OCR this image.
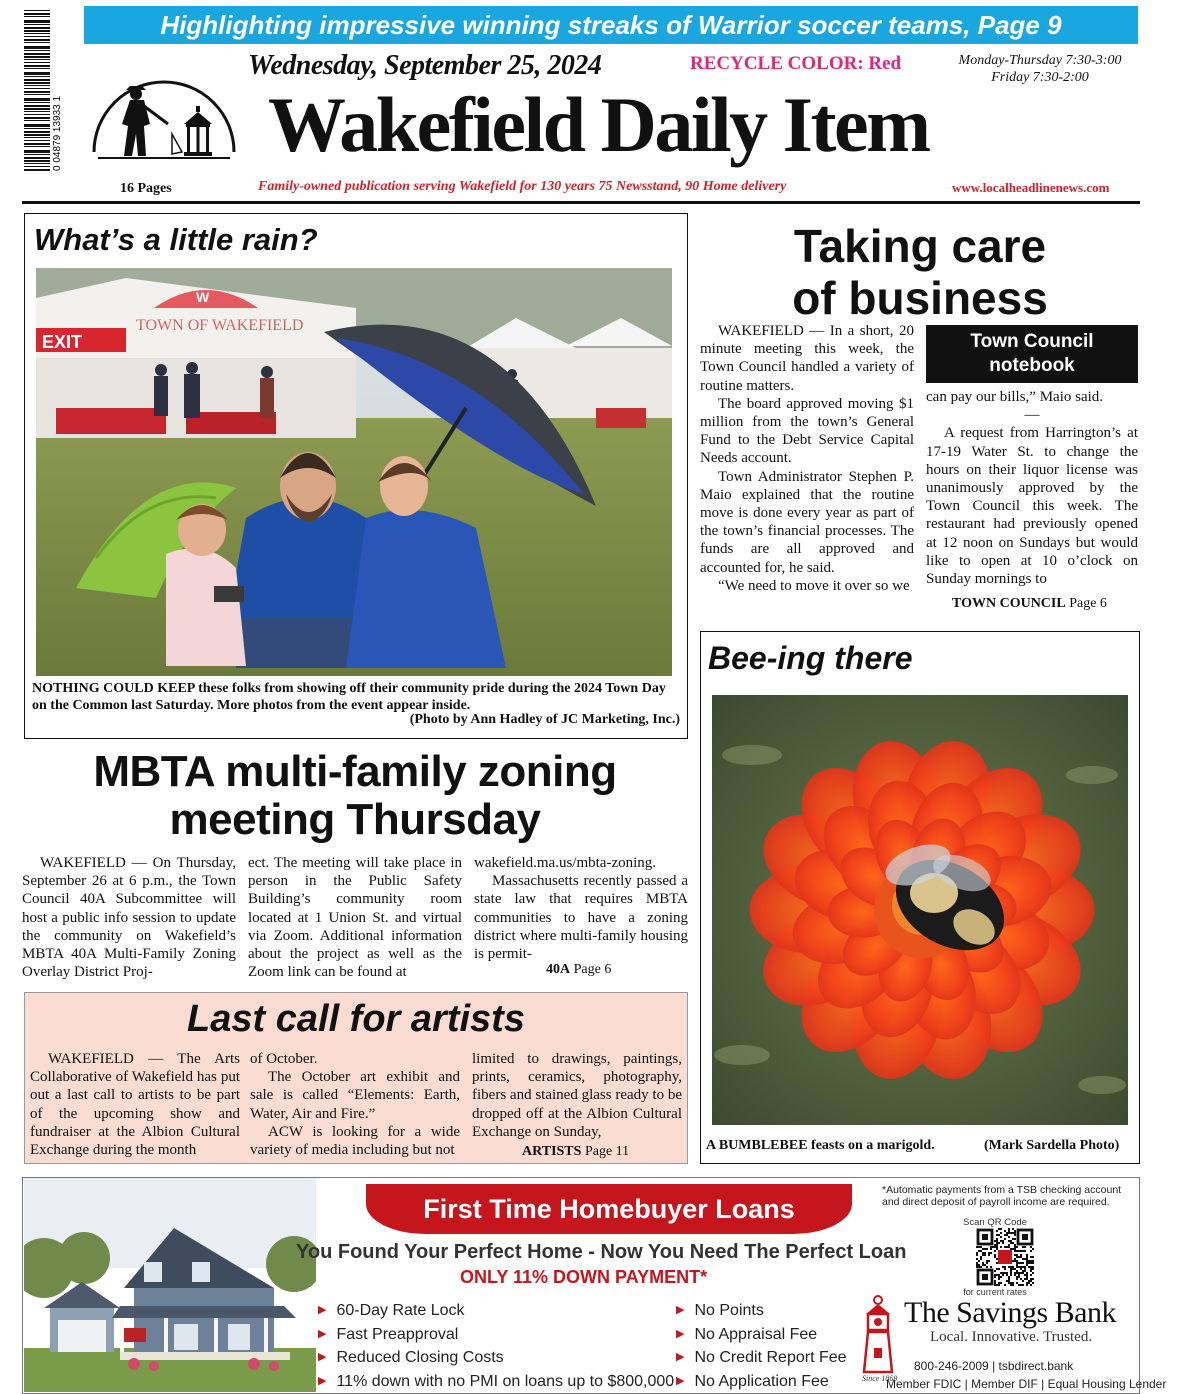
0 04879 13933 1
Highlighting impressive winning streaks of Warrior soccer teams, Page 9
Wednesday, September 25, 2024	RECYCLE COLOR: Red	Monday-Thursday 7:30-3:00
Friday 7:30-2:00
16 Pages
Wakefield Daily Item
Family-owned publication serving Wakefield for 130 years 75 Newsstand, 90 Home delivery	www.localheadlinenews.com
What’s a little rain?
EXIT
TOWN OF WAKEFIELD
W
NOTHING COULD KEEP these folks from showing off their community pride during the 2024 Town Day on the Common last Saturday. More photos from the event appear inside.
(Photo by Ann Hadley of JC Marketing, Inc.)
Taking care
of business

WAKEFIELD — In a short, 20 minute meeting this week, the Town Council handled a variety of routine matters.

The board approved moving $1 million from the town’s General Fund to the Debt Service Capital Needs account.

Town Administrator Stephen P. Maio explained that the routine move is done every year as part of the town’s financial processes. The funds are all approved and accounted for, he said.

“We need to move it over so we

Town Council
notebook
can pay our bills,” Maio said.
—

A request from Harrington’s at 17-19 Water St. to change the hours on their liquor license was unanimously approved by the Town Council this week. The restaurant had previously opened at 12 noon on Sundays but would like to open at 10 o’clock on Sunday mornings to

TOWN COUNCIL Page 6
Bee-ing there
A BUMBLEBEE feasts on a marigold.	(Mark Sardella Photo)
MBTA multi-family zoning
meeting Thursday

WAKEFIELD — On Thursday, September 26 at 6 p.m., the Town Council 40A Subcommittee will host a public info session to update the community on Wakefield’s MBTA 40A Multi-Family Zoning Overlay District Proj-

ect. The meeting will take place in person in the Public Safety Building’s community room located at 1 Union St. and virtual via Zoom. Additional information about the project as well as the Zoom link can be found at
wakefield.ma.us/mbta-zoning.

Massachusetts recently passed a state law that requires MBTA communities to have a zoning district where multi-family housing is permit-

40A Page 6
Last call for artists

WAKEFIELD — The Arts Collaborative of Wakefield has put out a last call to artists to be part of the upcoming show and fundraiser at the Albion Cultural Exchange during the month

of October.

The October art exhibit and sale is called “Elements: Earth, Water, Air and Fire.”

ACW is looking for a wide variety of media including but not

limited to drawings, paintings, prints, ceramics, photography, fibers and stained glass ready to be dropped off at the Albion Cultural Exchange on Sunday,
ARTISTS Page 11
First Time Homebuyer Loans
*Automatic payments from a TSB checking account and direct deposit of payroll income are required.
You Found Your Perfect Home - Now You Need The Perfect Loan
ONLY 11% DOWN PAYMENT*
▶ 60-Day Rate Lock
▶ Fast Preapproval
▶ Reduced Closing Costs
▶ 11% down with no PMI on loans up to $800,000
▶ No Points
▶ No Appraisal Fee
▶ No Credit Report Fee
▶ No Application Fee
Scan QR Code
for current rates
The Savings Bank
Local. Innovative. Trusted.
Since 1869
800-246-2009 | tsbdirect.bank
Member FDIC | Member DIF | Equal Housing Lender
